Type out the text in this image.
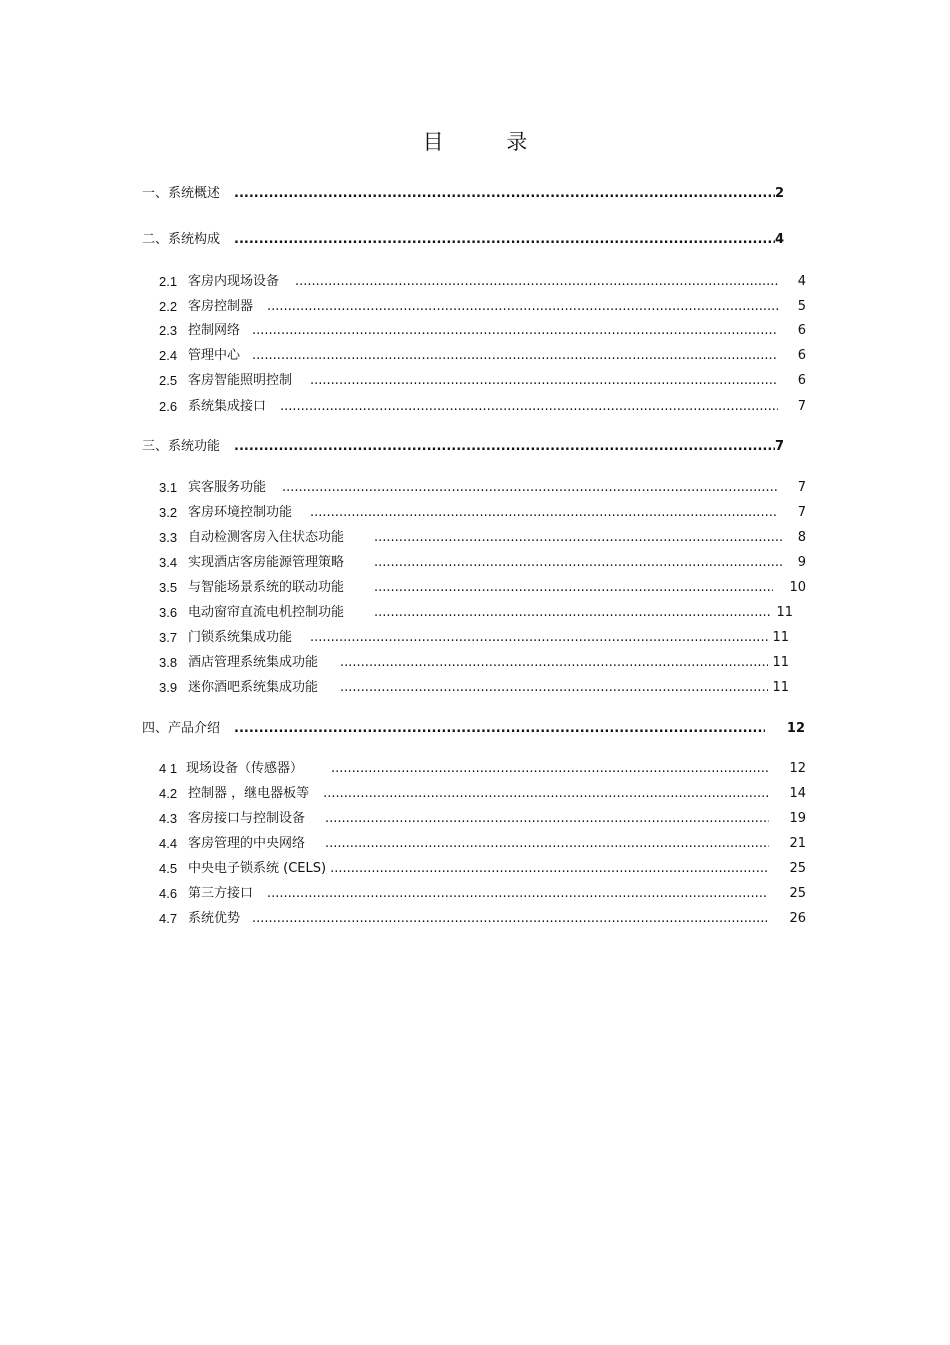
目 录
一、系统概述 .....	2
二、系统构成 .....	4
2.1 客房内现场设备 .....	4
2.2 客房控制器 .....	5
2.3 控制网络 .....	6
2.4 管理中心 .....	6
2.5 客房智能照明控制 .....	6
2.6 系统集成接口 .....	7
三、系统功能 .....	7
3.1 宾客服务功能 .....	7
3.2 客房环境控制功能 .....	7
3.3 自动检测客房入住状态功能 .....	8
3.4 实现酒店客房能源管理策略 .....	9
3.5 与智能场景系统的联动功能 .....	10
3.6 电动窗帘直流电机控制功能 .....	11
3.7 门锁系统集成功能 .....	11
3.8 酒店管理系统集成功能 .....	11
3.9 迷你酒吧系统集成功能 .....	11
四、产品介绍 .....	12
4 1 现场设备（传感器） .....	12
4.2 控制器 ，继电器板等 .....	14
4.3 客房接口与控制设备 .....	19
4.4 客房管理的中央网络 .....	21
4.5 中央电子锁系统 (CELS) .....	25
4.6 第三方接口 .....	25
4.7 系统优势 .....	26
